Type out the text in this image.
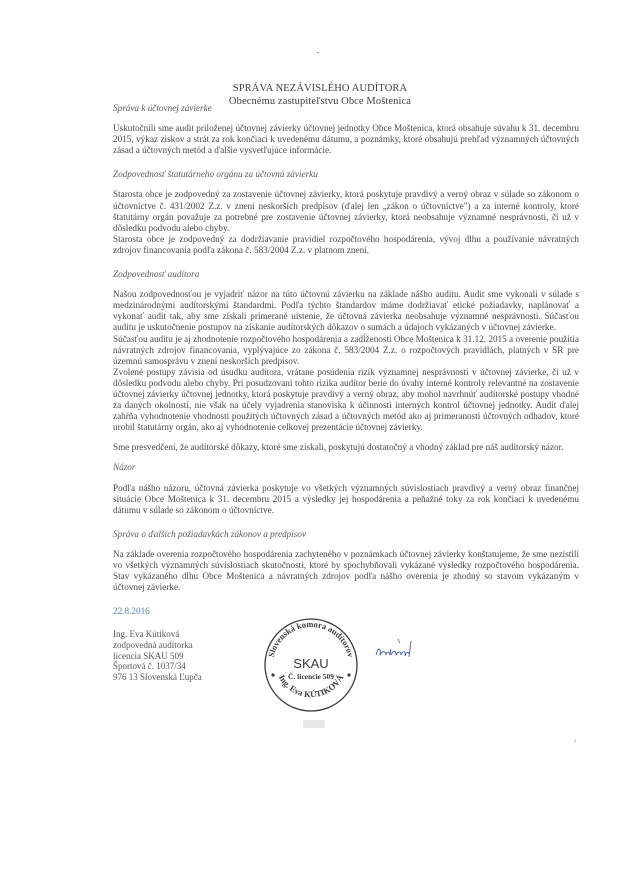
SPRÁVA NEZÁVISLÉHO AUDÍTORA
Obecnému zastupiteľstvu Obce Moštenica
Správa k účtovnej závierke

Uskutočnili sme audit priloženej účtovnej závierky účtovnej jednotky Obce Moštenica, ktorá obsahuje súvahu k 31. decembru 2015, výkaz ziskov a strát za rok končiaci k uvedenému dátumu, a poznámky, ktoré obsahujú prehľad významných účtovných zásad a účtovných metód a ďalšie vysvetľujúce informácie.

Zodpovednosť štatutárneho orgánu za účtovnú závierku

Starosta obce je zodpovedný za zostavenie účtovnej závierky, ktorá poskytuje pravdivý a verný obraz v súlade so zákonom o účtovníctve č. 431/2002 Z.z. v znení neskorších predpisov (ďalej len „zákon o účtovníctve") a za interné kontroly, ktoré štatutárny orgán považuje za potrebné pre zostavenie účtovnej závierky, ktorá neobsahuje významné nesprávnosti, či už v dôsledku podvodu alebo chyby.

Starosta obce je zodpovedný za dodržiavanie pravidiel rozpočtového hospodárenia, vývoj dlhu a používanie návratných zdrojov financovania podľa zákona č. 583/2004 Z.z. v platnom znení.

Zodpovednosť audítora

Našou zodpovednosťou je vyjadriť názor na túto účtovnú závierku na základe nášho auditu. Audit sme vykonali v súlade s medzinárodnými audítorskými štandardmi. Podľa týchto štandardov máme dodržiavať etické požiadavky, naplánovať a vykonať audit tak, aby sme získali primerané uistenie, že účtovná závierka neobsahuje významné nesprávnosti. Súčasťou auditu je uskutočnenie postupov na získanie audítorských dôkazov o sumách a údajoch vykázaných v účtovnej závierke.

Súčasťou auditu je aj zhodnotenie rozpočtového hospodárenia a zadĺženosti Obce Moštenica k 31.12. 2015 a overenie použitia návratných zdrojov financovania, vyplývajúce zo zákona č. 583/2004 Z.z. o rozpočtových pravidlách, platných v SR pre územnú samosprávu v znení neskorších predpisov.

Zvolené postupy závisia od úsudku audítora, vrátane posúdenia rizík významnej nesprávnosti v účtovnej závierke, či už v dôsledku podvodu alebo chyby. Pri posudzovaní tohto rizika audítor berie do úvahy interné kontroly relevantné na zostavenie účtovnej závierky účtovnej jednotky, ktorá poskytuje pravdivý a verný obraz, aby mohol navrhnúť audítorské postupy vhodné za daných okolností, nie však na účely vyjadrenia stanoviska k účinnosti interných kontrol účtovnej jednotky. Audit ďalej zahŕňa vyhodnotenie vhodnosti použitých účtovných zásad a účtovných metód ako aj primeranosti účtovných odhadov, ktoré urobil štatutárny orgán, ako aj vyhodnotenie celkovej prezentácie účtovnej závierky.

Sme presvedčení, že audítorské dôkazy, ktoré sme získali, poskytujú dostatočný a vhodný základ pre náš audítorský názor.

Názor

Podľa nášho názoru, účtovná závierka poskytuje vo všetkých významných súvislostiach pravdivý a verný obraz finančnej situácie Obce Moštenica k 31. decembru 2015 a výsledky jej hospodárenia a peňažné toky za rok končiaci k uvedenému dátumu v súlade so zákonom o účtovníctve.

Správa o ďalších požiadavkách zákonov a predpisov

Na základe overenia rozpočtového hospodárenia zachyteného v poznámkach účtovnej závierky konštatujeme, že sme nezistili vo všetkých významných súvislostiach skutočnosti, ktoré by spochybňovali vykázané výsledky rozpočtového hospodárenia. Stav vykázaného dlhu Obce Moštenica a návratných zdrojov podľa nášho overenia je zhodný so stavom vykázaným v účtovnej závierke.

22.8.2016
Ing. Eva Kútiková
zodpovedná audítorka
licencia SKAU 509
Športová č. 1037/34
976 13 Slovenská Ľupča
Slovenská komora audítorov
Ing. Eva KÚTIKOVÁ
SKAU
Č. licencie 509
